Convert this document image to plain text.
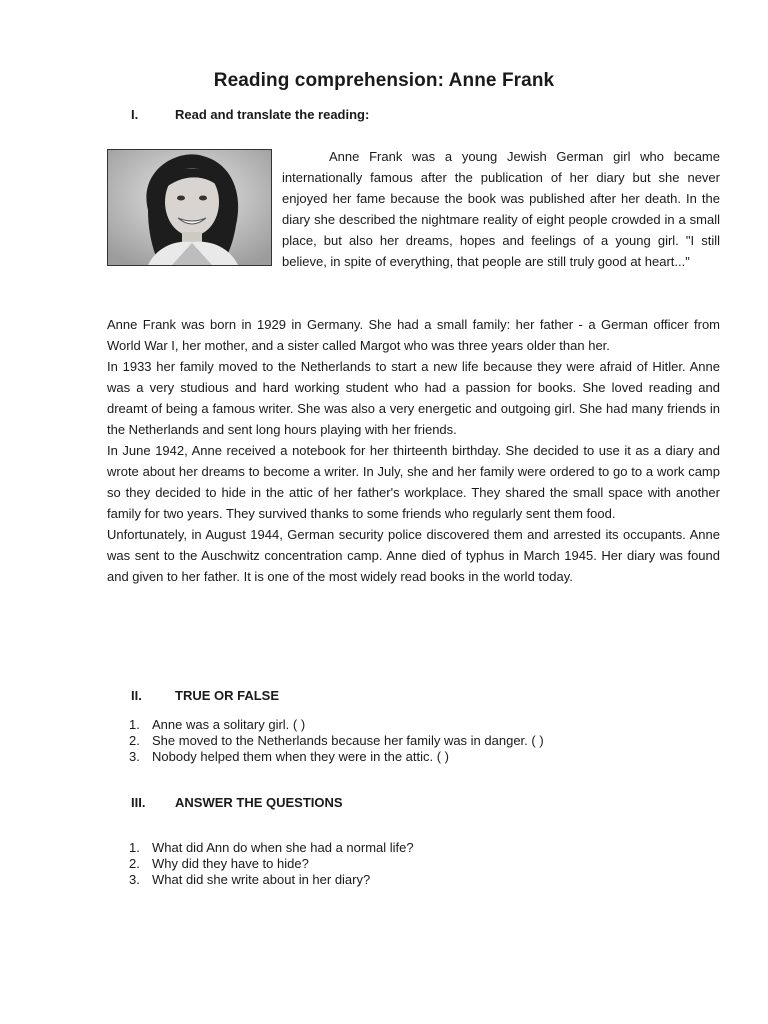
Reading comprehension: Anne Frank
I.	Read and translate the reading:
Anne Frank was a young Jewish German girl who became internationally famous after the publication of her diary but she never enjoyed her fame because the book was published after her death. In the diary she described the nightmare reality of eight people crowded in a small place, but also her dreams, hopes and feelings of a young girl. "I still believe, in spite of everything, that people are still truly good at heart..."

Anne Frank was born in 1929 in Germany. She had a small family: her father - a German officer from World War I, her mother, and a sister called Margot who was three years older than her.

In 1933 her family moved to the Netherlands to start a new life because they were afraid of Hitler. Anne was a very studious and hard working student who had a passion for books. She loved reading and dreamt of being a famous writer. She was also a very energetic and outgoing girl. She had many friends in the Netherlands and sent long hours playing with her friends.

In June 1942, Anne received a notebook for her thirteenth birthday. She decided to use it as a diary and wrote about her dreams to become a writer. In July, she and her family were ordered to go to a work camp so they decided to hide in the attic of her father's workplace. They shared the small space with another family for two years. They survived thanks to some friends who regularly sent them food.

Unfortunately, in August 1944, German security police discovered them and arrested its occupants. Anne was sent to the Auschwitz concentration camp. Anne died of typhus in March 1945. Her diary was found and given to her father. It is one of the most widely read books in the world today.

II.	TRUE OR FALSE
1. Anne was a solitary girl. ( )
2. She moved to the Netherlands because her family was in danger. ( )
3. Nobody helped them when they were in the attic. ( )
III.	ANSWER THE QUESTIONS
1. What did Ann do when she had a normal life?
2. Why did they have to hide?
3. What did she write about in her diary?
